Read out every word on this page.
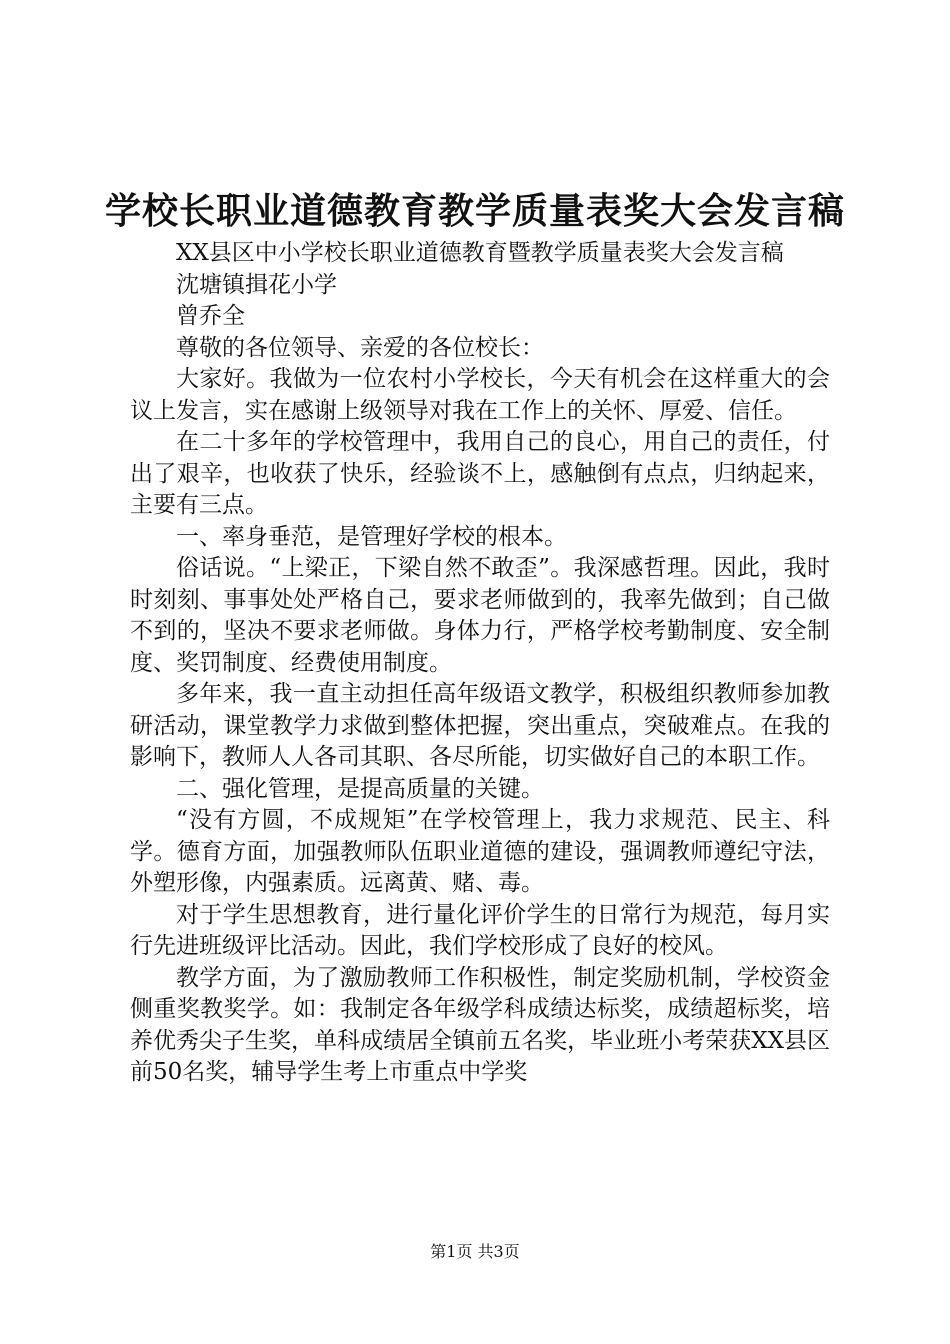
学校长职业道德教育教学质量表奖大会发言稿

XX县区中小学校长职业道德教育暨教学质量表奖大会发言稿

沈塘镇揖花小学

曾乔全

尊敬的各位领导、亲爱的各位校长：

大家好。我做为一位农村小学校长，今天有机会在这样重大的会议上发言，实在感谢上级领导对我在工作上的关怀、厚爱、信任。

在二十多年的学校管理中，我用自己的良心，用自己的责任，付出了艰辛，也收获了快乐，经验谈不上，感触倒有点点，归纳起来，主要有三点。

一、率身垂范，是管理好学校的根本。

俗话说。“上梁正，下梁自然不敢歪”。我深感哲理。因此，我时时刻刻、事事处处严格自己，要求老师做到的，我率先做到；自己做不到的，坚决不要求老师做。身体力行，严格学校考勤制度、安全制度、奖罚制度、经费使用制度。

多年来，我一直主动担任高年级语文教学，积极组织教师参加教研活动，课堂教学力求做到整体把握，突出重点，突破难点。在我的影响下，教师人人各司其职、各尽所能，切实做好自己的本职工作。

二、强化管理，是提高质量的关键。

“没有方圆，不成规矩”在学校管理上，我力求规范、民主、科学。德育方面，加强教师队伍职业道德的建设，强调教师遵纪守法，外塑形像，内强素质。远离黄、赌、毒。

对于学生思想教育，进行量化评价学生的日常行为规范，每月实行先进班级评比活动。因此，我们学校形成了良好的校风。

教学方面，为了激励教师工作积极性，制定奖励机制，学校资金侧重奖教奖学。如：我制定各年级学科成绩达标奖，成绩超标奖，培养优秀尖子生奖，单科成绩居全镇前五名奖，毕业班小考荣获XX县区前50名奖，辅导学生考上市重点中学奖

第1页 共3页
